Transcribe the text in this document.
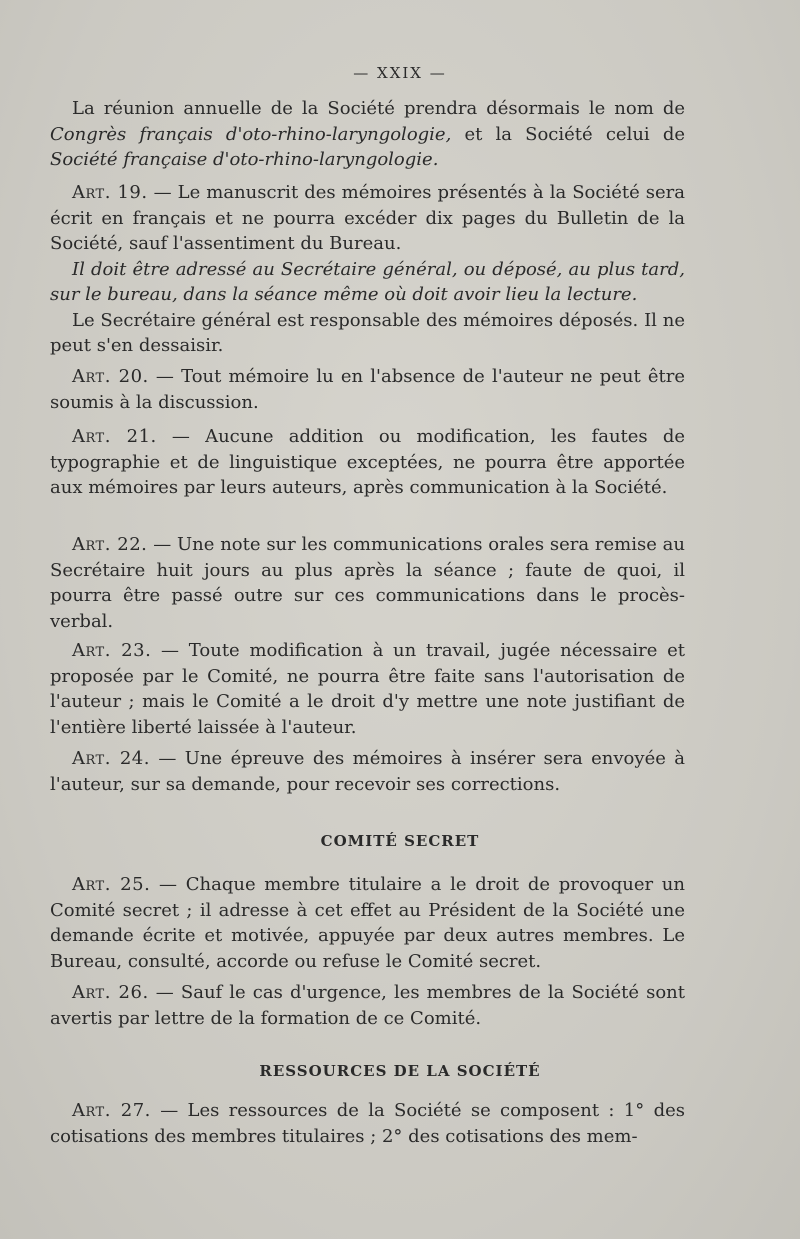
— XXIX —

La réunion annuelle de la Société prendra désormais le nom de Congrès français d'oto-rhino-laryngologie, et la Société celui de Société française d'oto-rhino-laryngologie.

Art. 19. — Le manuscrit des mémoires présentés à la Société sera écrit en français et ne pourra excéder dix pages du Bulletin de la Société, sauf l'assentiment du Bureau.

Il doit être adressé au Secrétaire général, ou déposé, au plus tard, sur le bureau, dans la séance même où doit avoir lieu la lecture.

Le Secrétaire général est responsable des mémoires déposés. Il ne peut s'en dessaisir.

Art. 20. — Tout mémoire lu en l'absence de l'auteur ne peut être soumis à la discussion.

Art. 21. — Aucune addition ou modification, les fautes de typographie et de linguistique exceptées, ne pourra être apportée aux mémoires par leurs auteurs, après communication à la Société.

Art. 22. — Une note sur les communications orales sera remise au Secrétaire huit jours au plus après la séance ; faute de quoi, il pourra être passé outre sur ces communications dans le procès-verbal.

Art. 23. — Toute modification à un travail, jugée nécessaire et proposée par le Comité, ne pourra être faite sans l'autorisation de l'auteur ; mais le Comité a le droit d'y mettre une note justifiant de l'entière liberté laissée à l'auteur.

Art. 24. — Une épreuve des mémoires à insérer sera envoyée à l'auteur, sur sa demande, pour recevoir ses corrections.

COMITÉ SECRET

Art. 25. — Chaque membre titulaire a le droit de provoquer un Comité secret ; il adresse à cet effet au Président de la Société une demande écrite et motivée, appuyée par deux autres membres. Le Bureau, consulté, accorde ou refuse le Comité secret.

Art. 26. — Sauf le cas d'urgence, les membres de la Société sont avertis par lettre de la formation de ce Comité.

RESSOURCES DE LA SOCIÉTÉ

Art. 27. — Les ressources de la Société se composent : 1° des cotisations des membres titulaires ; 2° des cotisations des mem-
